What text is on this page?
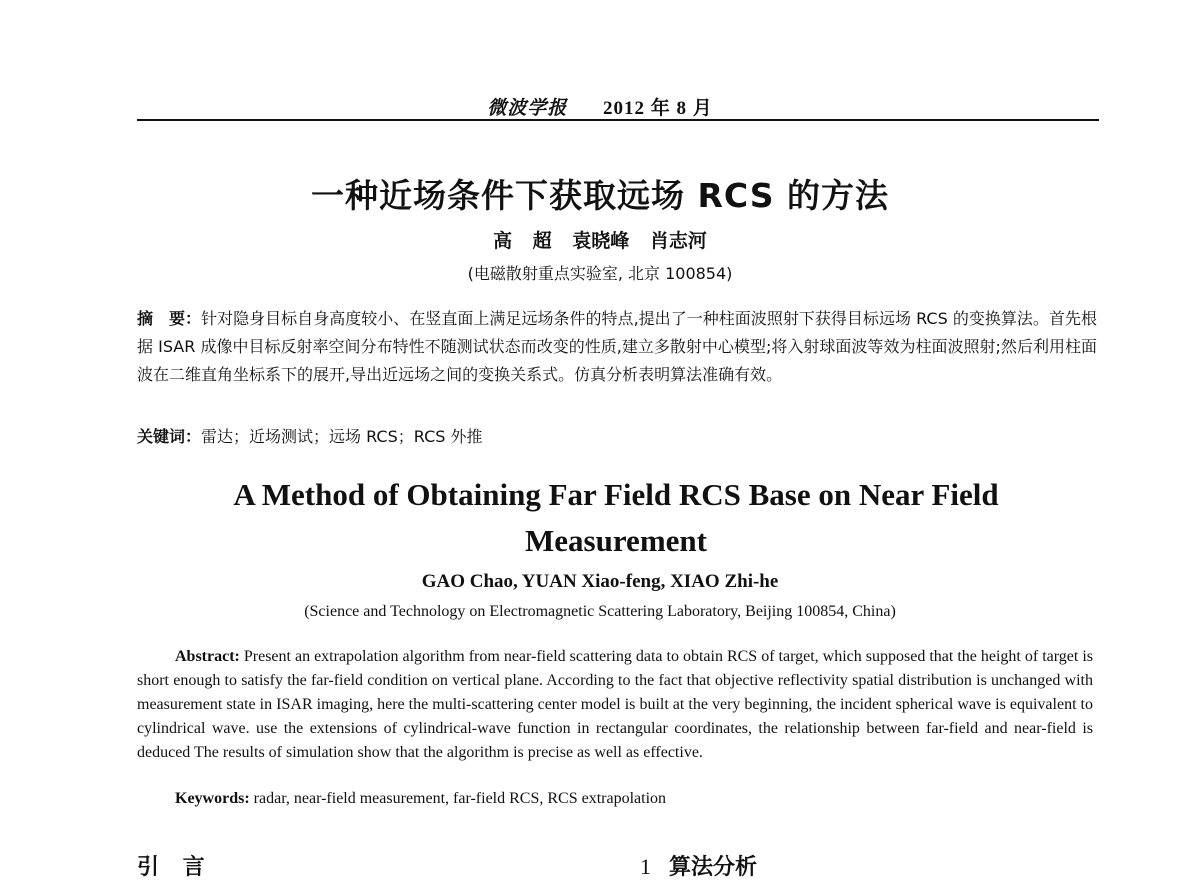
微波学报 2012 年 8 月
一种近场条件下获取远场 RCS 的方法
高 超 袁晓峰 肖志河
(电磁散射重点实验室, 北京 100854)
摘　要：针对隐身目标自身高度较小、在竖直面上满足远场条件的特点,提出了一种柱面波照射下获得目标远场 RCS 的变换算法。首先根据 ISAR 成像中目标反射率空间分布特性不随测试状态而改变的性质,建立多散射中心模型;将入射球面波等效为柱面波照射;然后利用柱面波在二维直角坐标系下的展开,导出近远场之间的变换关系式。仿真分析表明算法准确有效。
关键词：雷达；近场测试；远场 RCS；RCS 外推
A Method of Obtaining Far Field RCS Base on Near Field Measurement
GAO Chao, YUAN Xiao-feng, XIAO Zhi-he
(Science and Technology on Electromagnetic Scattering Laboratory, Beijing 100854, China)
Abstract: Present an extrapolation algorithm from near-field scattering data to obtain RCS of target, which supposed that the height of target is short enough to satisfy the far-field condition on vertical plane. According to the fact that objective reflectivity spatial distribution is unchanged with measurement state in ISAR imaging, here the multi-scattering center model is built at the very beginning, the incident spherical wave is equivalent to cylindrical wave. use the extensions of cylindrical-wave function in rectangular coordinates, the relationship between far-field and near-field is deduced The results of simulation show that the algorithm is precise as well as effective.
Keywords: radar, near-field measurement, far-field RCS, RCS extrapolation
引 言	1 算法分析
